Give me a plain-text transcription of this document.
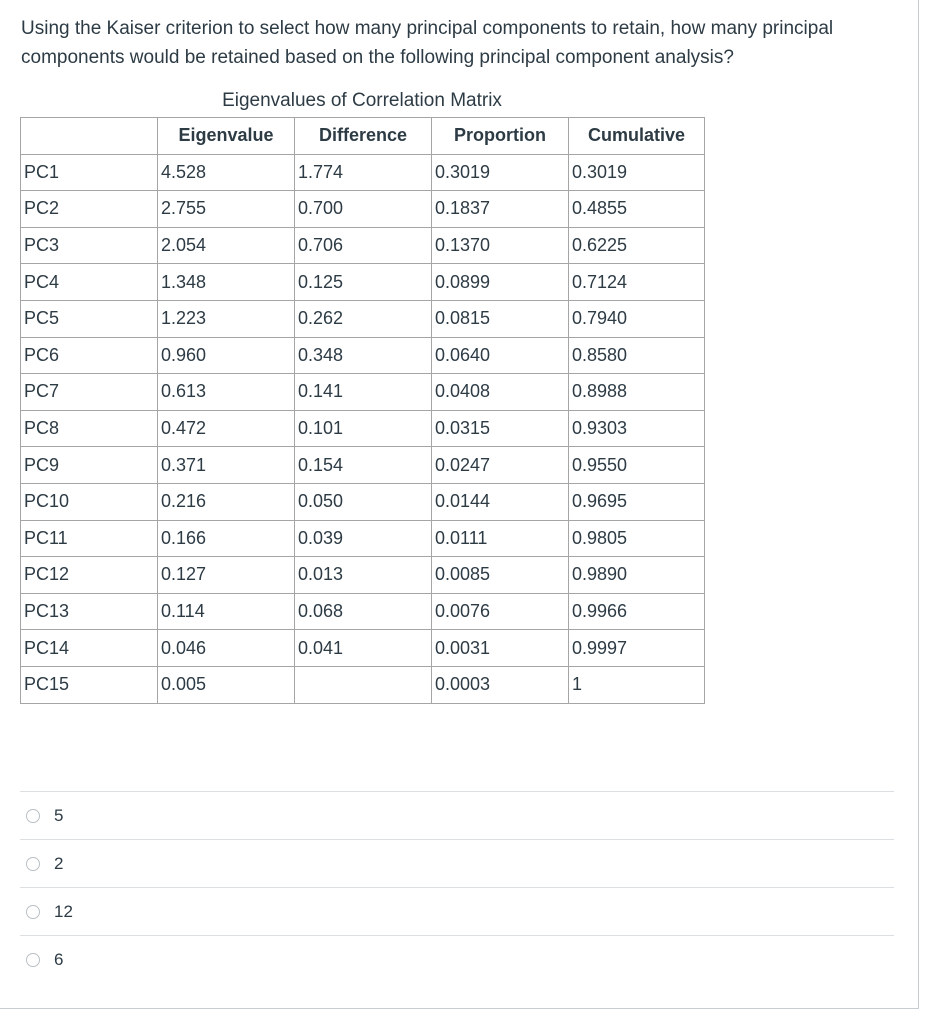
Using the Kaiser criterion to select how many principal components to retain, how many principal components would be retained based on the following principal component analysis?

Eigenvalues of Correlation Matrix
	Eigenvalue	Difference	Proportion	Cumulative
PC1	4.528	1.774	0.3019	0.3019
PC2	2.755	0.700	0.1837	0.4855
PC3	2.054	0.706	0.1370	0.6225
PC4	1.348	0.125	0.0899	0.7124
PC5	1.223	0.262	0.0815	0.7940
PC6	0.960	0.348	0.0640	0.8580
PC7	0.613	0.141	0.0408	0.8988
PC8	0.472	0.101	0.0315	0.9303
PC9	0.371	0.154	0.0247	0.9550
PC10	0.216	0.050	0.0144	0.9695
PC11	0.166	0.039	0.0111	0.9805
PC12	0.127	0.013	0.0085	0.9890
PC13	0.114	0.068	0.0076	0.9966
PC14	0.046	0.041	0.0031	0.9997
PC15	0.005		0.0003	1
5
2
12
6
